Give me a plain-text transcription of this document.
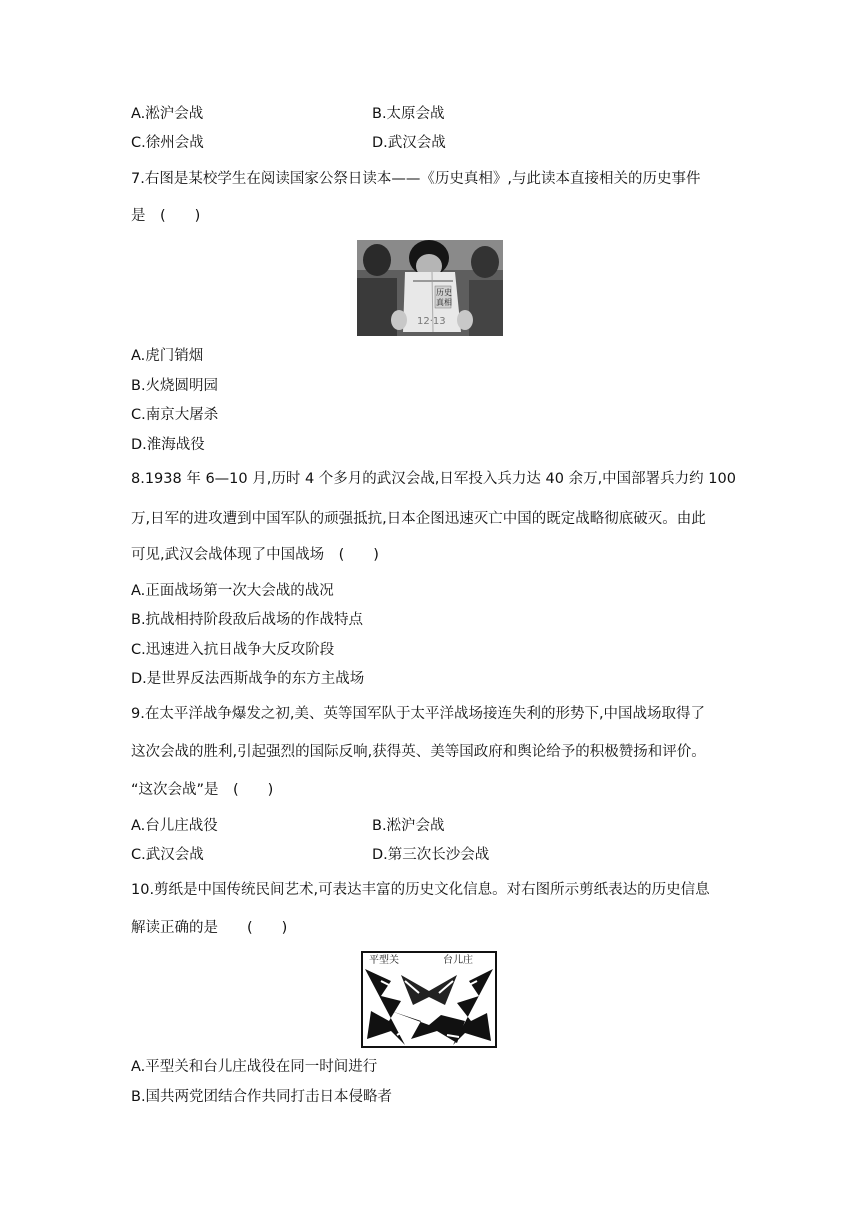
A.淞沪会战	B.太原会战
C.徐州会战	D.武汉会战
7.右图是某校学生在阅读国家公祭日读本——《历史真相》,与此读本直接相关的历史事件
是　(　　)
历史
真相
12·13
A.虎门销烟
B.火烧圆明园
C.南京大屠杀
D.淮海战役
8.1938 年 6—10 月,历时 4 个多月的武汉会战,日军投入兵力达 40 余万,中国部署兵力约 100
万,日军的进攻遭到中国军队的顽强抵抗,日本企图迅速灭亡中国的既定战略彻底破灭。由此
可见,武汉会战体现了中国战场　(　　)
A.正面战场第一次大会战的战况
B.抗战相持阶段敌后战场的作战特点
C.迅速进入抗日战争大反攻阶段
D.是世界反法西斯战争的东方主战场
9.在太平洋战争爆发之初,美、英等国军队于太平洋战场接连失利的形势下,中国战场取得了
这次会战的胜利,引起强烈的国际反响,获得英、美等国政府和舆论给予的积极赞扬和评价。
“这次会战”是　(　　)
A.台儿庄战役	B.淞沪会战
C.武汉会战	D.第三次长沙会战
10.剪纸是中国传统民间艺术,可表达丰富的历史文化信息。对右图所示剪纸表达的历史信息
解读正确的是　　(　　)
平型关	台儿庄
A.平型关和台儿庄战役在同一时间进行
B.国共两党团结合作共同打击日本侵略者
